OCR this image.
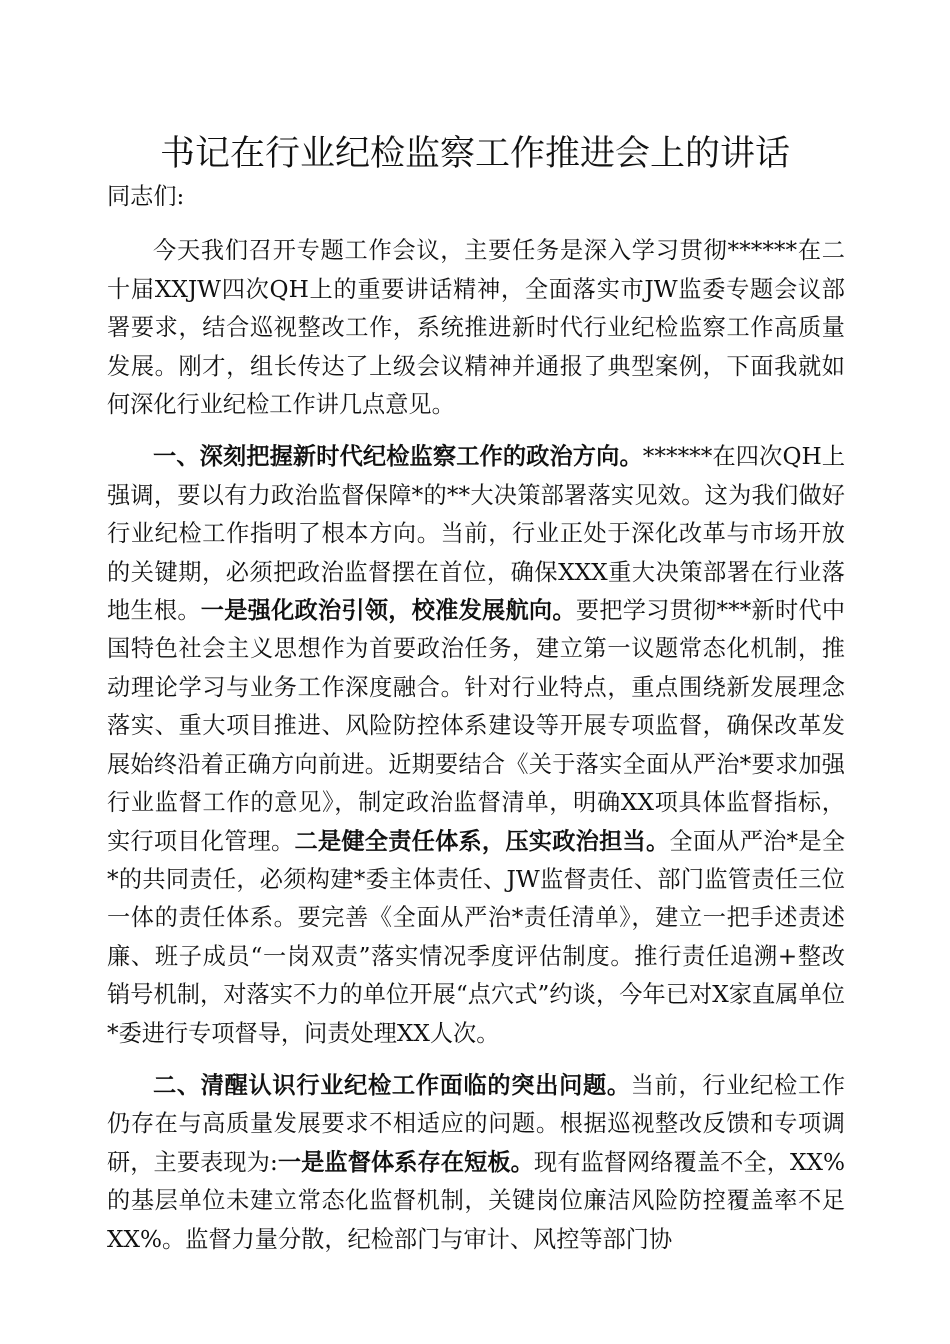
书记在行业纪检监察工作推进会上的讲话

同志们:

今天我们召开专题工作会议，主要任务是深入学习贯彻******在二十届XXJW四次QH上的重要讲话精神，全面落实市JW监委专题会议部署要求，结合巡视整改工作，系统推进新时代行业纪检监察工作高质量发展。刚才，组长传达了上级会议精神并通报了典型案例，下面我就如何深化行业纪检工作讲几点意见。

一、深刻把握新时代纪检监察工作的政治方向。******在四次QH上强调，要以有力政治监督保障*的**大决策部署落实见效。这为我们做好行业纪检工作指明了根本方向。当前，行业正处于深化改革与市场开放的关键期，必须把政治监督摆在首位，确保XXX重大决策部署在行业落地生根。一是强化政治引领，校准发展航向。要把学习贯彻***新时代中国特色社会主义思想作为首要政治任务，建立第一议题常态化机制，推动理论学习与业务工作深度融合。针对行业特点，重点围绕新发展理念落实、重大项目推进、风险防控体系建设等开展专项监督，确保改革发展始终沿着正确方向前进。近期要结合《关于落实全面从严治*要求加强行业监督工作的意见》，制定政治监督清单，明确XX项具体监督指标，实行项目化管理。二是健全责任体系，压实政治担当。全面从严治*是全*的共同责任，必须构建*委主体责任、JW监督责任、部门监管责任三位一体的责任体系。要完善《全面从严治*责任清单》，建立一把手述责述廉、班子成员“一岗双责”落实情况季度评估制度。推行责任追溯+整改销号机制，对落实不力的单位开展“点穴式”约谈，今年已对X家直属单位*委进行专项督导，问责处理XX人次。

二、清醒认识行业纪检工作面临的突出问题。当前，行业纪检工作仍存在与高质量发展要求不相适应的问题。根据巡视整改反馈和专项调研，主要表现为:一是监督体系存在短板。现有监督网络覆盖不全，XX%的基层单位未建立常态化监督机制，关键岗位廉洁风险防控覆盖率不足XX%。监督力量分散，纪检部门与审计、风控等部门协
